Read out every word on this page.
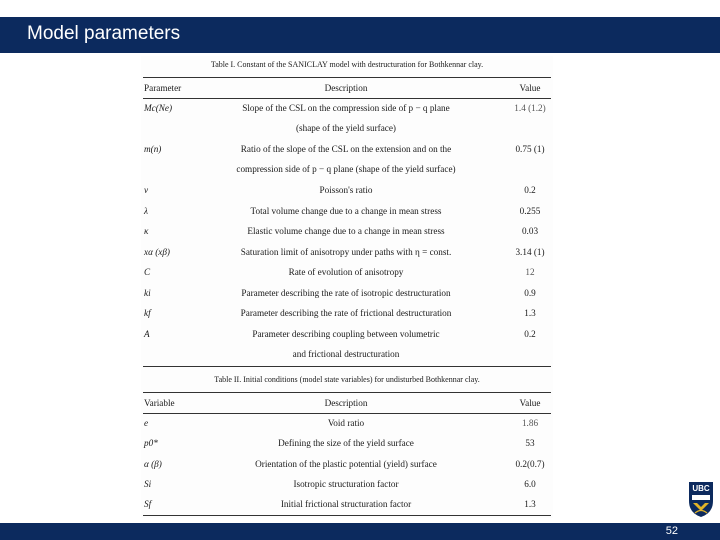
Model parameters
Table I. Constant of the SANICLAY model with destructuration for Bothkennar clay.
Parameter	Description	Value
Mc(Ne)	Slope of the CSL on the compression side of p − q plane	1.4 (1.2)
(shape of the yield surface)
m(n)	Ratio of the slope of the CSL on the extension and on the	0.75 (1)
compression side of p − q plane (shape of the yield surface)
ν	Poisson's ratio	0.2
λ	Total volume change due to a change in mean stress	0.255
κ	Elastic volume change due to a change in mean stress	0.03
xα (xβ)	Saturation limit of anisotropy under paths with η = const.	3.14 (1)
C	Rate of evolution of anisotropy	12
ki	Parameter describing the rate of isotropic destructuration	0.9
kf	Parameter describing the rate of frictional destructuration	1.3
A	Parameter describing coupling between volumetric	0.2
and frictional destructuration
Table II. Initial conditions (model state variables) for undisturbed Bothkennar clay.
Variable	Description	Value
e	Void ratio	1.86
p0*	Defining the size of the yield surface	53
α (β)	Orientation of the plastic potential (yield) surface	0.2(0.7)
Si	Isotropic structuration factor	6.0
Sf	Initial frictional structuration factor	1.3
UBC
52
